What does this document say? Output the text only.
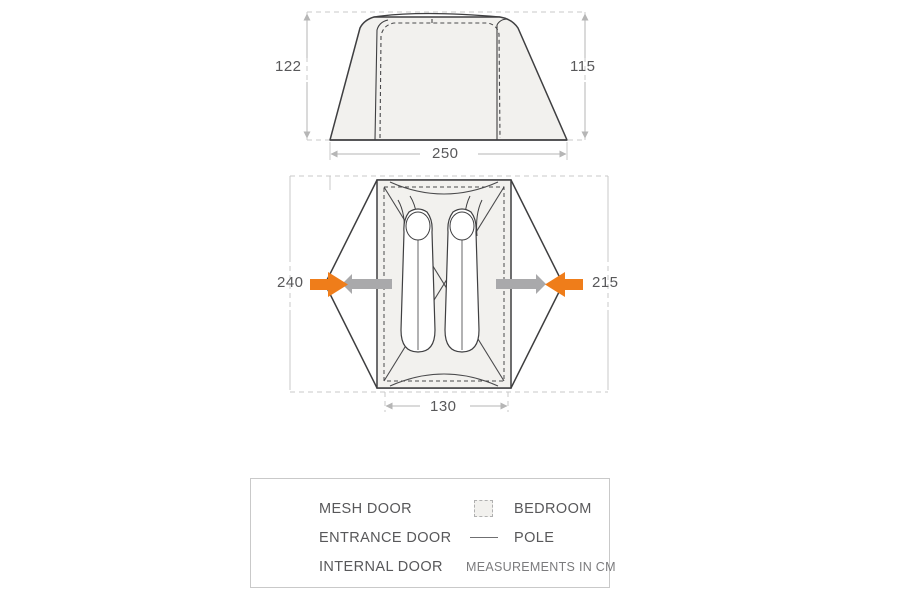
122	115
250
240	215
130
MESH DOOR
ENTRANCE DOOR
INTERNAL DOOR
BEDROOM
POLE
MEASUREMENTS IN CM
